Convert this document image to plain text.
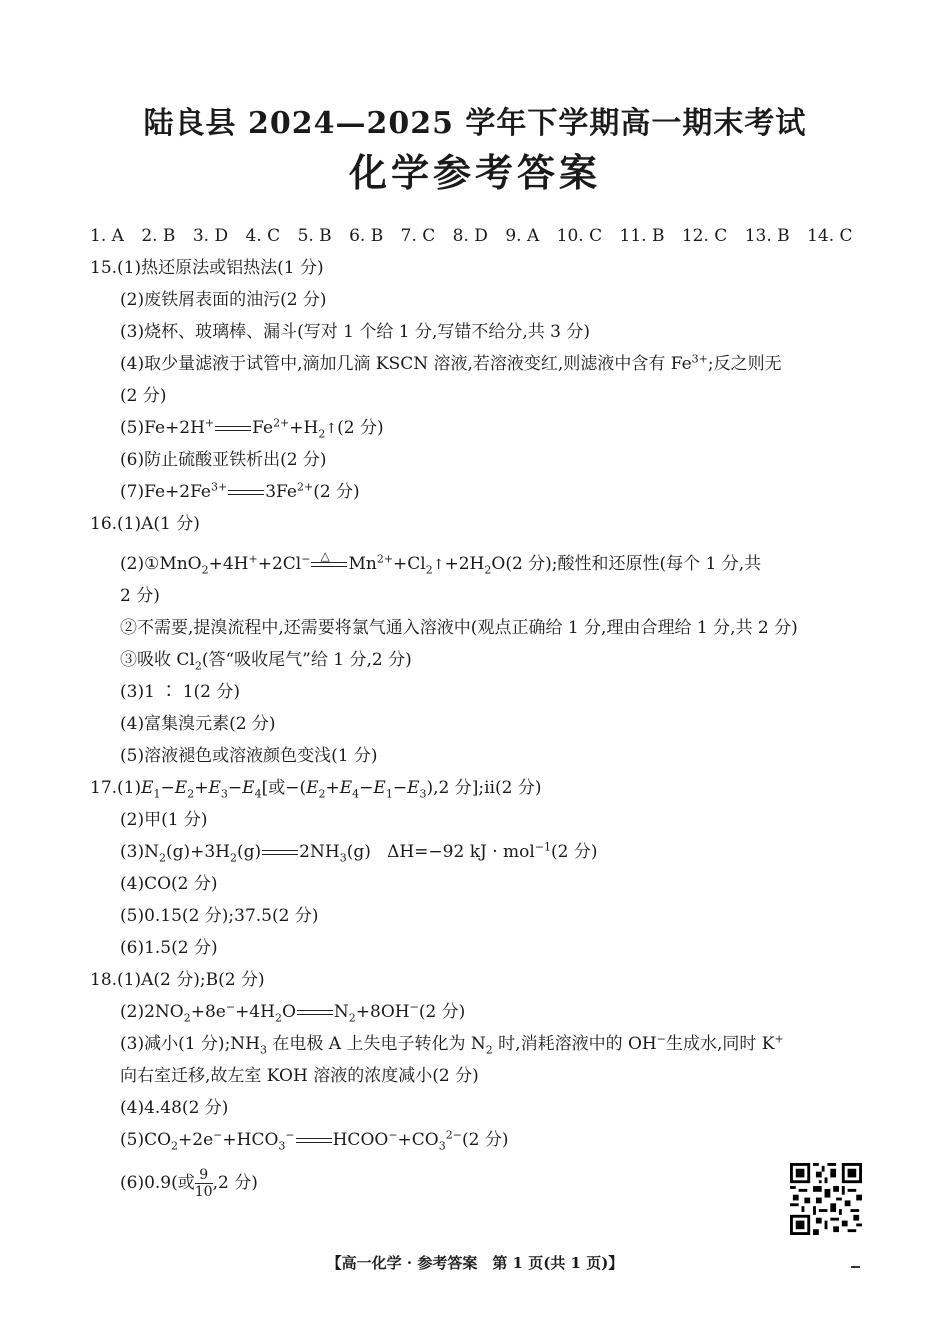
陆良县 2024—2025 学年下学期高一期末考试
化学参考答案
1. A 2. B 3. D 4. C 5. B 6. B 7. C 8. D 9. A 10. C 11. B 12. C 13. B 14. C
15.(1)热还原法或铝热法(1 分)
(2)废铁屑表面的油污(2 分)
(3)烧杯、玻璃棒、漏斗(写对 1 个给 1 分,写错不给分,共 3 分)
(4)取少量滤液于试管中,滴加几滴 KSCN 溶液,若溶液变红,则滤液中含有 $Fe^{3+}$;反之则无
(2 分)
(5)Fe+2H+ $Fe^{2+}+H_2↑(2$ 分)
(6)防止硫酸亚铁析出(2 分)
$(7)Fe+2Fe^{3+}$ $3Fe^{2+}(2$ 分)
16.(1)A(1 分)
(2)①MnO$_2$+4H++2Cl− △ $Mn^{2+}+Cl_2↑+2H_2O(2$ 分);酸性和还原性(每个 1 分,共
2 分)
②不需要,提溴流程中,还需要将氯气通入溶液中(观点正确给 1 分,理由合理给 1 分,共 2 分)
③吸收 $Cl_2$(答“吸收尾气”给 1 分,2 分)
(3)1 ∶ 1(2 分)
(4)富集溴元素(2 分)
(5)溶液褪色或溶液颜色变浅(1 分)
$17.(1)E_1-E_2+E_3-E_4$[或$-(E_2+E_4-E_1-E_3),2$ 分];ⅱ(2 分)
(2)甲(1 分)
$(3)N_2(g)+3H_2(g)$ $2NH_3(g)$   ΔH=−92 kJ · mol$^{-1}$(2 分)
(4)CO(2 分)
(5)0.15(2 分);37.5(2 分)
(6)1.5(2 分)
18.(1)A(2 分);B(2 分)
$(2)2NO_2+8e^-+4H_2O$ $N_2+8OH^-(2$ 分)
(3)减小(1 分)$;NH_3$ 在电极 A 上失电子转化为 $N_2$ 时,消耗溶液中的 OH−生成水,同时 K+
向右室迁移,故左室 KOH 溶液的浓度减小(2 分)
(4)4.48(2 分)
$(5)CO_2+2e^-+HCO_3^-$ $HCOO^-+CO_3^{2-}(2$ 分)
(6)0.9(或 $\frac{9}{10} ,2$ 分)
【高一化学 · 参考答案　第 1 页(共 1 页)】
